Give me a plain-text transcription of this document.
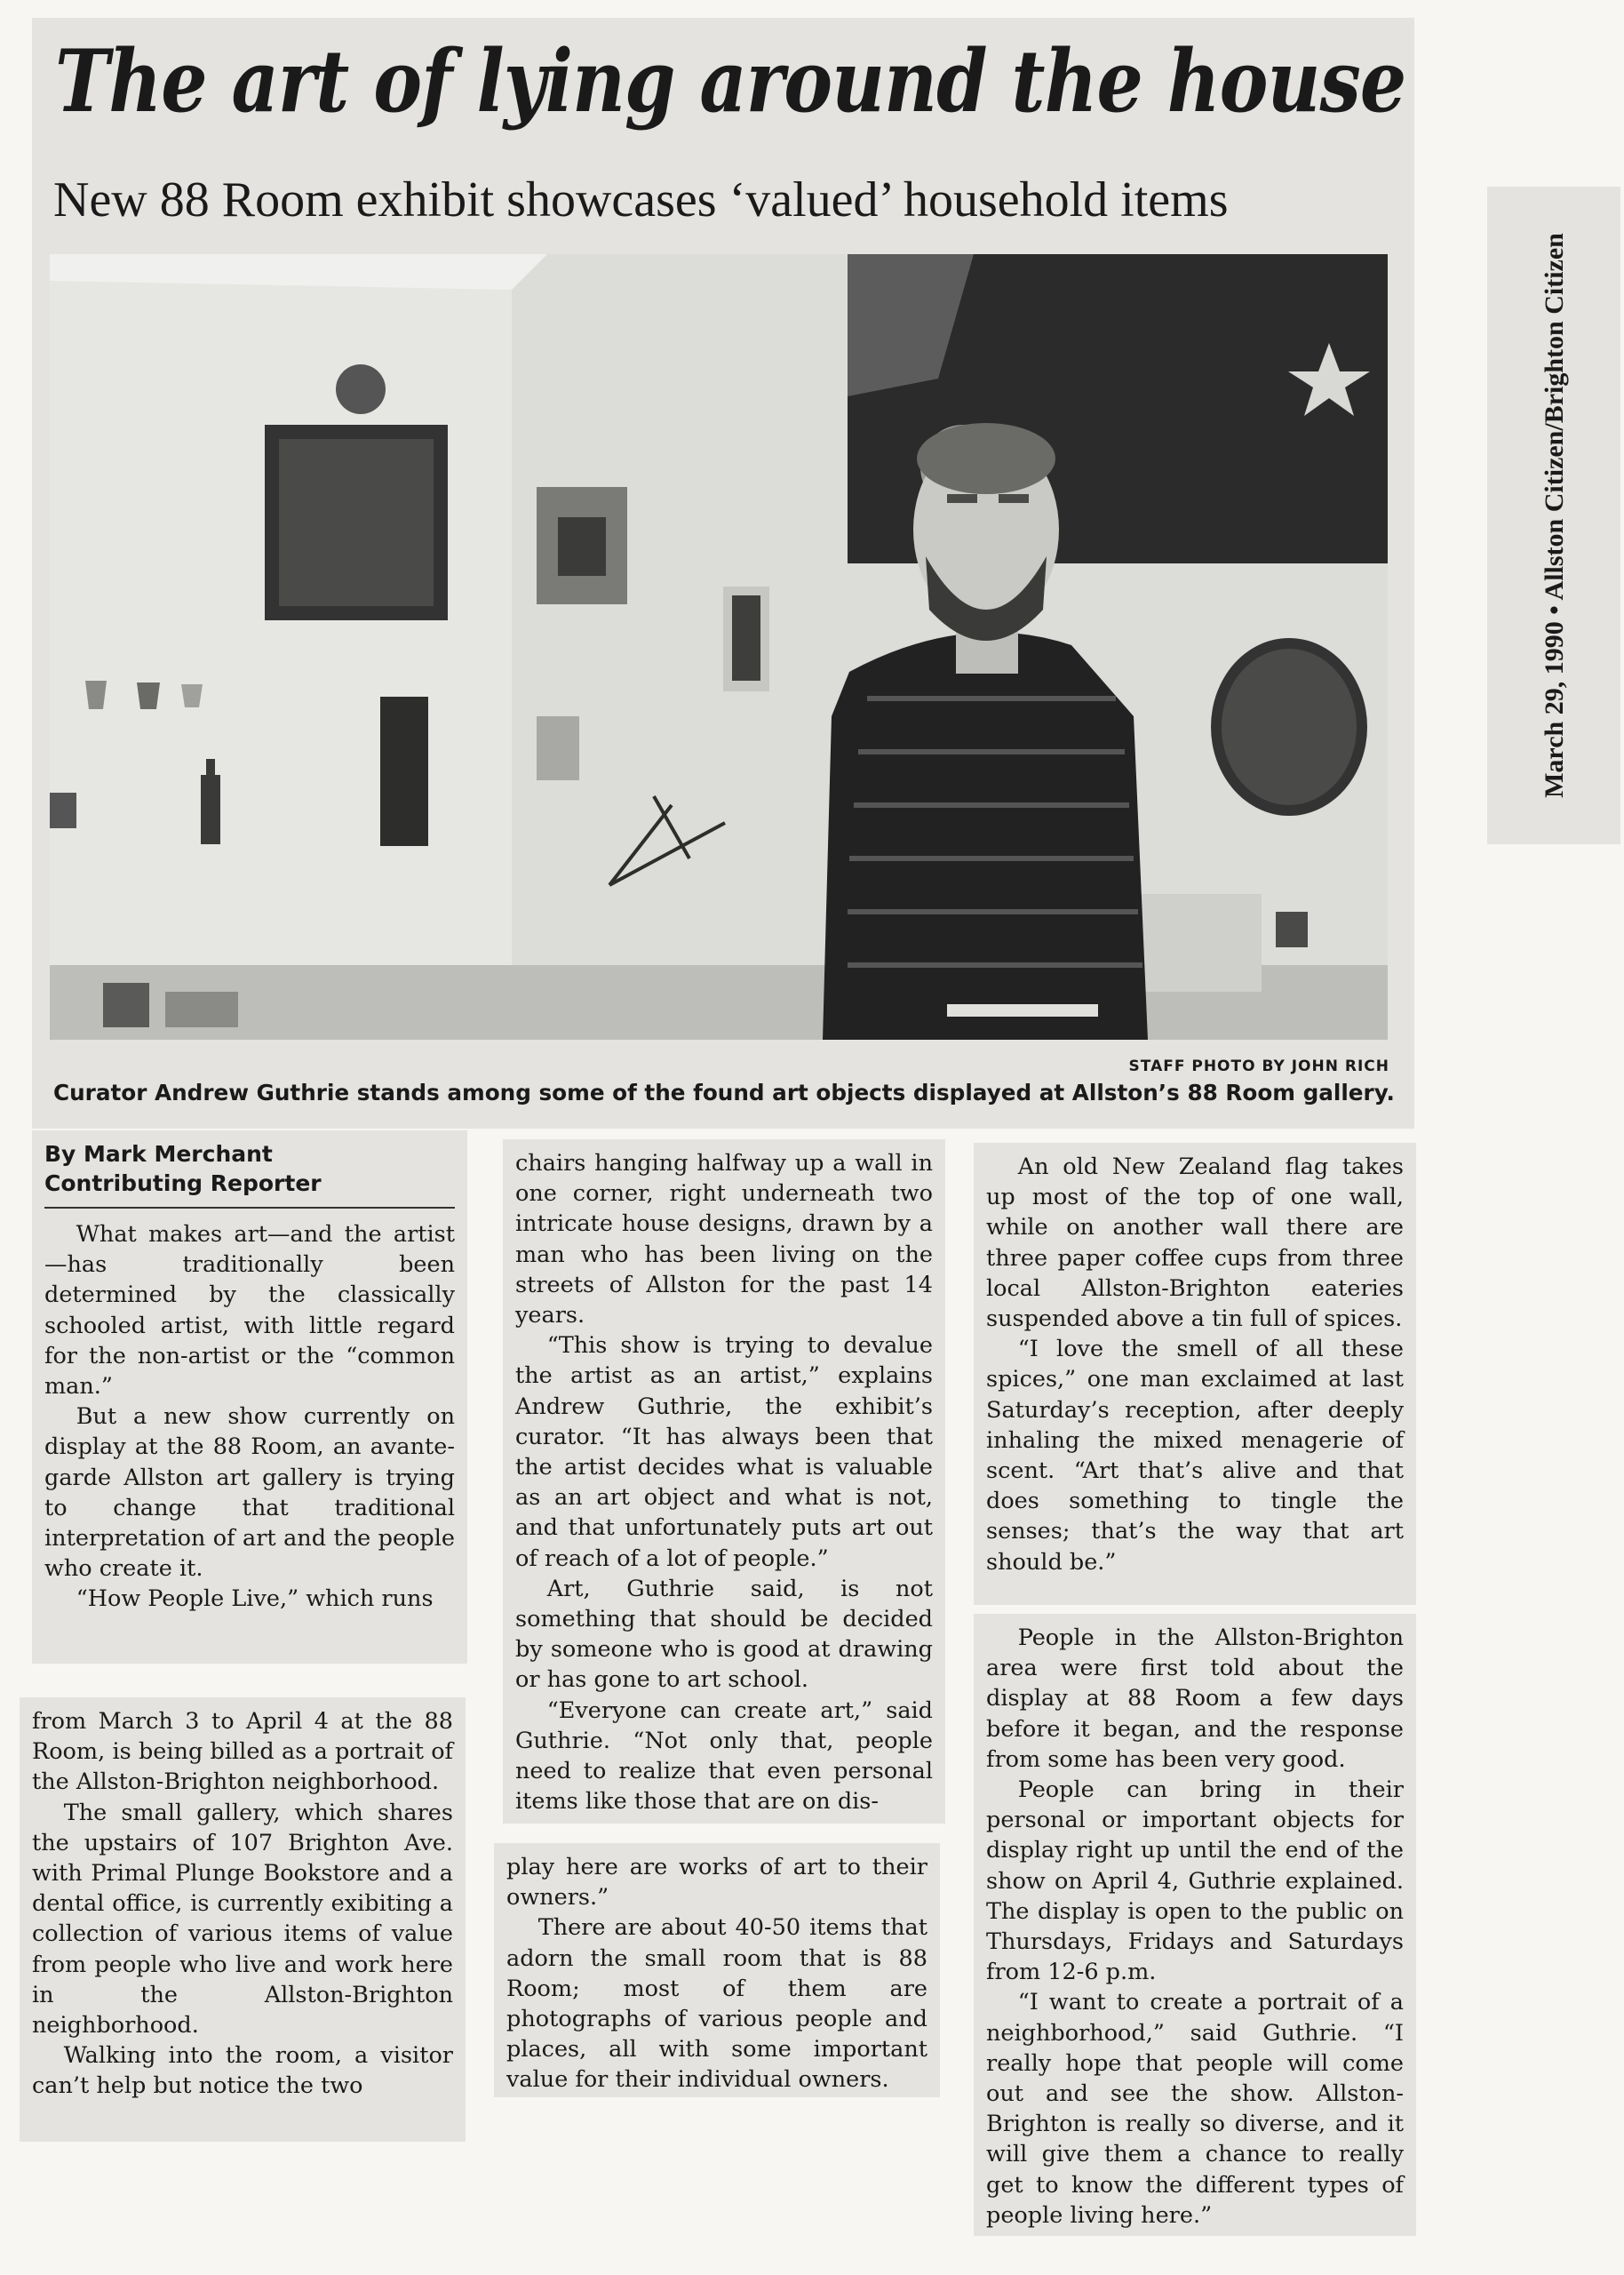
The art of lying around the house
New 88 Room exhibit showcases ‘valued’ household items
STAFF PHOTO BY JOHN RICH
Curator Andrew Guthrie stands among some of the found art objects displayed at Allston’s 88 Room gallery.
March 29, 1990 • Allston Citizen/Brighton Citizen
By Mark Merchant
Contributing Reporter

What makes art—and the artist—has traditionally been determined by the classically schooled artist, with little regard for the non-artist or the “common man.”

But a new show currently on display at the 88 Room, an avante-garde Allston art gallery is trying to change that traditional interpretation of art and the people who create it.

“How People Live,” which runs

from March 3 to April 4 at the 88 Room, is being billed as a portrait of the Allston-Brighton neighborhood.

The small gallery, which shares the upstairs of 107 Brighton Ave. with Primal Plunge Bookstore and a dental office, is currently exibiting a collection of various items of value from people who live and work here in the Allston-Brighton neighborhood.

Walking into the room, a visitor can’t help but notice the two

chairs hanging halfway up a wall in one corner, right underneath two intricate house designs, drawn by a man who has been living on the streets of Allston for the past 14 years.

“This show is trying to devalue the artist as an artist,” explains Andrew Guthrie, the exhibit’s curator. “It has always been that the artist decides what is valuable as an art object and what is not, and that unfortunately puts art out of reach of a lot of people.”

Art, Guthrie said, is not something that should be decided by someone who is good at drawing or has gone to art school.

“Everyone can create art,” said Guthrie. “Not only that, people need to realize that even personal items like those that are on dis-

play here are works of art to their owners.”

There are about 40-50 items that adorn the small room that is 88 Room; most of them are photographs of various people and places, all with some important value for their individual owners.

An old New Zealand flag takes up most of the top of one wall, while on another wall there are three paper coffee cups from three local Allston-Brighton eateries suspended above a tin full of spices.

“I love the smell of all these spices,” one man exclaimed at last Saturday’s reception, after deeply inhaling the mixed menagerie of scent. “Art that’s alive and that does something to tingle the senses; that’s the way that art should be.”

People in the Allston-Brighton area were first told about the display at 88 Room a few days before it began, and the response from some has been very good.

People can bring in their personal or important objects for display right up until the end of the show on April 4, Guthrie explained. The display is open to the public on Thursdays, Fridays and Saturdays from 12-6 p.m.

“I want to create a portrait of a neighborhood,” said Guthrie. “I really hope that people will come out and see the show. Allston-Brighton is really so diverse, and it will give them a chance to really get to know the different types of people living here.”
